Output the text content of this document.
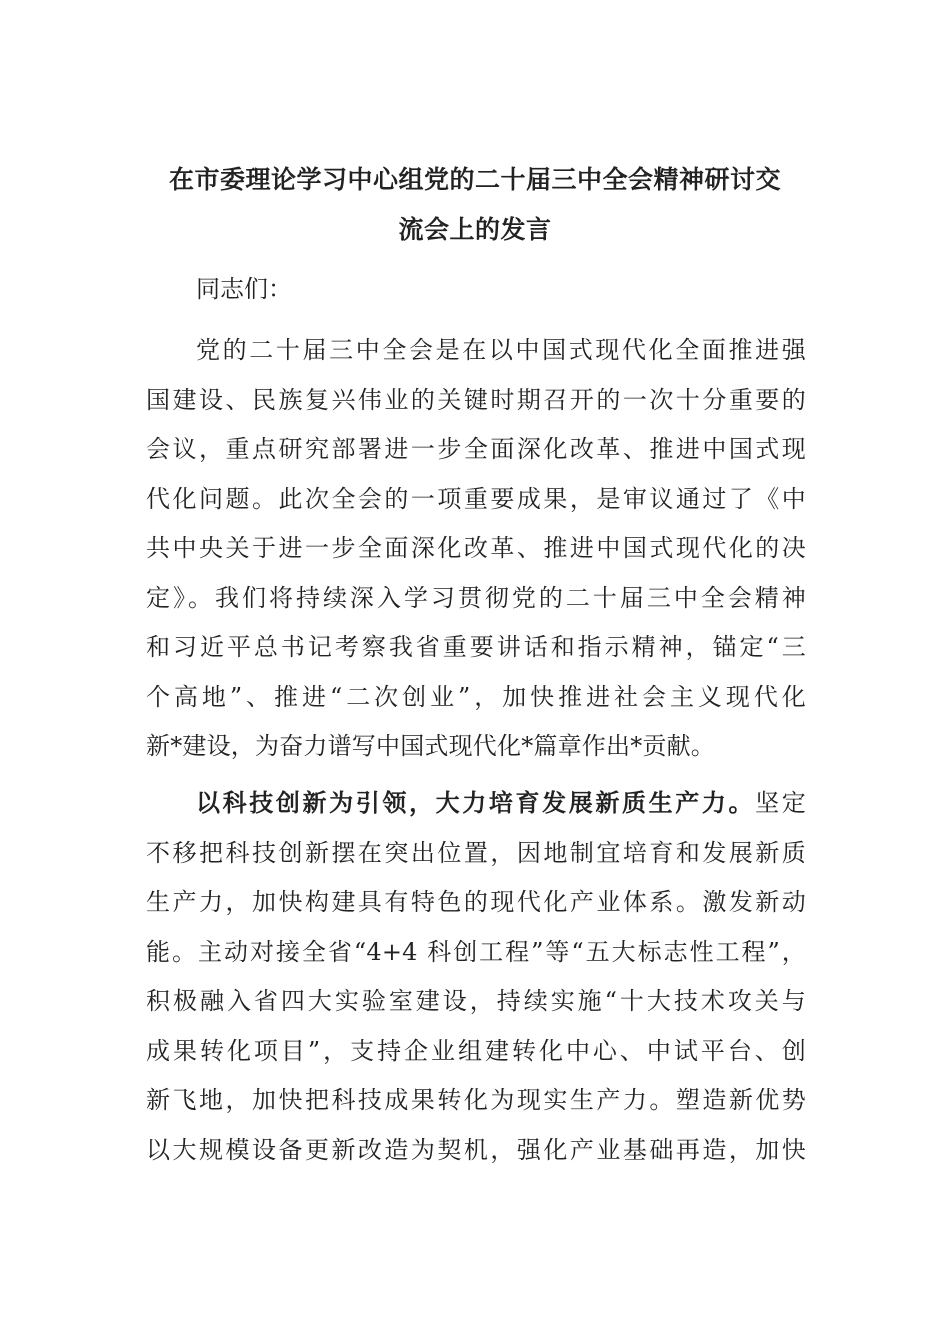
在市委理论学习中心组党的二十届三中全会精神研讨交
流会上的发言
同志们：
党的二十届三中全会是在以中国式现代化全面推进强
国建设、民族复兴伟业的关键时期召开的一次十分重要的
会议，重点研究部署进一步全面深化改革、推进中国式现
代化问题。此次全会的一项重要成果，是审议通过了《中
共中央关于进一步全面深化改革、推进中国式现代化的决
定》。我们将持续深入学习贯彻党的二十届三中全会精神
和习近平总书记考察我省重要讲话和指示精神，锚定“三
个高地”、推进“二次创业”，加快推进社会主义现代化
新*建设，为奋力谱写中国式现代化*篇章作出*贡献。
以科技创新为引领，大力培育发展新质生产力。坚定
不移把科技创新摆在突出位置，因地制宜培育和发展新质
生产力，加快构建具有特色的现代化产业体系。激发新动
能。主动对接全省“4+4 科创工程”等“五大标志性工程”，
积极融入省四大实验室建设，持续实施“十大技术攻关与
成果转化项目”，支持企业组建转化中心、中试平台、创
新飞地，加快把科技成果转化为现实生产力。塑造新优势
以大规模设备更新改造为契机，强化产业基础再造，加快
